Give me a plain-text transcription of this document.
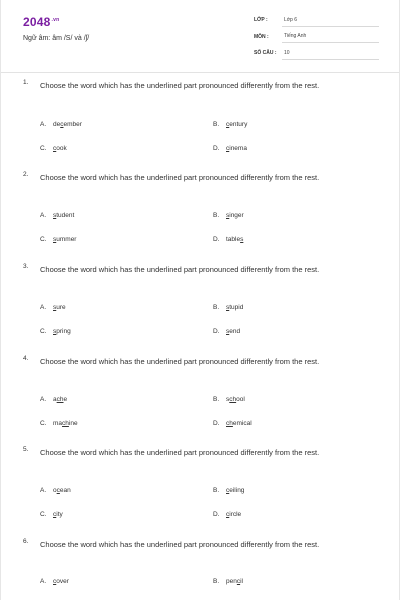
$2048^{.vn}$
Ngữ âm: âm /S/ và /ʃ/
LỚP :	Lớp 6
MÔN :	Tiếng Anh
SỐ CÂU :	10
1. Choose the word which has the underlined part pronounced differently from the rest.
A. december	B. century
C. cook	D. cinema
2. Choose the word which has the underlined part pronounced differently from the rest.
A. student	B. singer
C. summer	D. tables
3. Choose the word which has the underlined part pronounced differently from the rest.
A. sure	B. stupid
C. spring	D. send
4. Choose the word which has the underlined part pronounced differently from the rest.
A. ache	B. school
C. machine	D. chemical
5. Choose the word which has the underlined part pronounced differently from the rest.
A. ocean	B. ceiling
C. city	D. circle
6. Choose the word which has the underlined part pronounced differently from the rest.
A. cover	B. pencil
